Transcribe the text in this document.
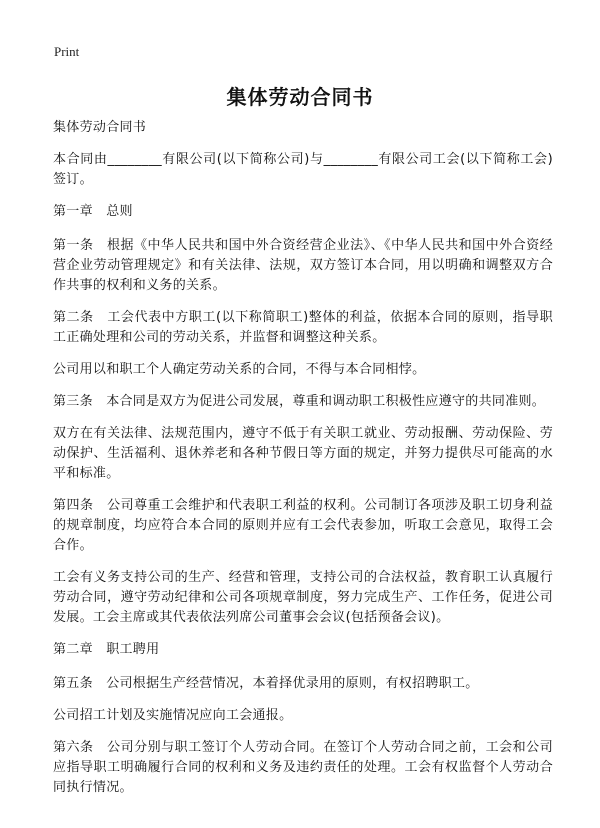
Print
集体劳动合同书

集体劳动合同书

本合同由________有限公司(以下简称公司)与________有限公司工会(以下简称工会)签订。

第一章　总则

第一条　根据《中华人民共和国中外合资经营企业法》、《中华人民共和国中外合资经营企业劳动管理规定》和有关法律、法规，双方签订本合同，用以明确和调整双方合作共事的权利和义务的关系。

第二条　工会代表中方职工(以下称简职工)整体的利益，依据本合同的原则，指导职工正确处理和公司的劳动关系，并监督和调整这种关系。

公司用以和职工个人确定劳动关系的合同，不得与本合同相悖。

第三条　本合同是双方为促进公司发展，尊重和调动职工积极性应遵守的共同准则。

双方在有关法律、法规范围内，遵守不低于有关职工就业、劳动报酬、劳动保险、劳动保护、生活福利、退休养老和各种节假日等方面的规定，并努力提供尽可能高的水平和标准。

第四条　公司尊重工会维护和代表职工利益的权利。公司制订各项涉及职工切身利益的规章制度，均应符合本合同的原则并应有工会代表参加，听取工会意见，取得工会合作。

工会有义务支持公司的生产、经营和管理，支持公司的合法权益，教育职工认真履行劳动合同，遵守劳动纪律和公司各项规章制度，努力完成生产、工作任务，促进公司发展。工会主席或其代表依法列席公司董事会会议(包括预备会议)。

第二章　职工聘用

第五条　公司根据生产经营情况，本着择优录用的原则，有权招聘职工。

公司招工计划及实施情况应向工会通报。

第六条　公司分别与职工签订个人劳动合同。在签订个人劳动合同之前，工会和公司应指导职工明确履行合同的权利和义务及违约责任的处理。工会有权监督个人劳动合同执行情况。
